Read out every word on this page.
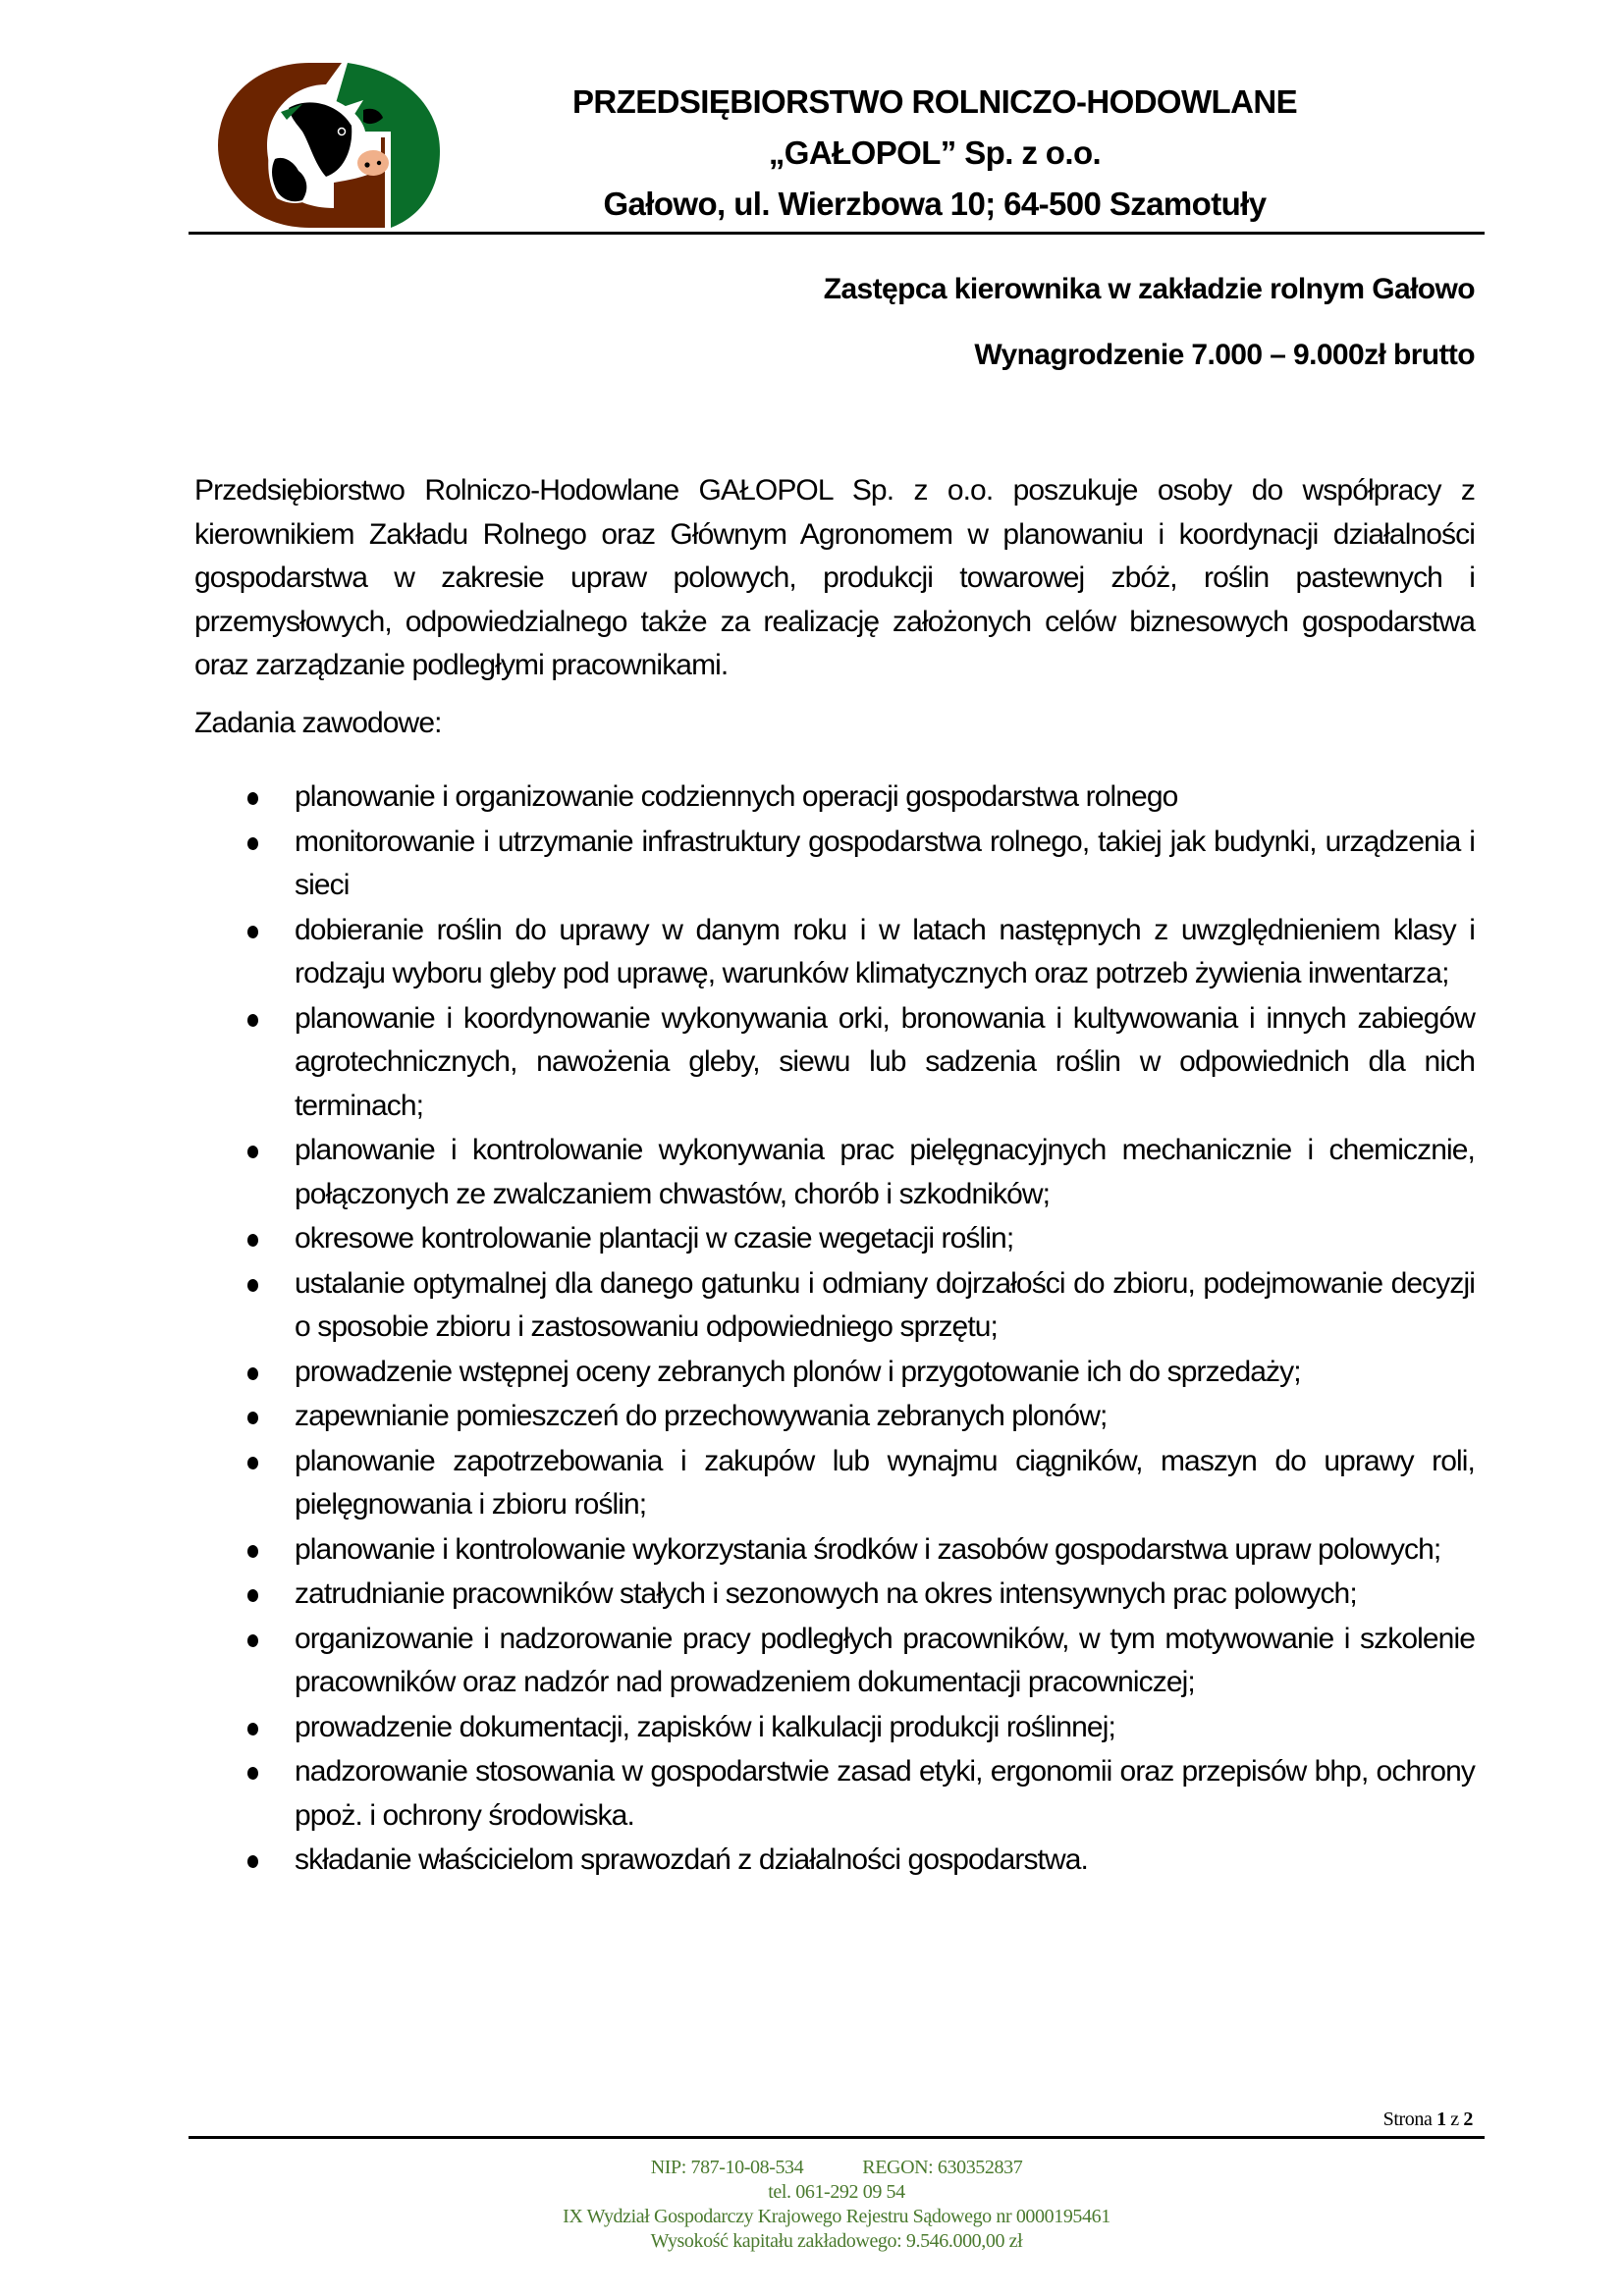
PRZEDSIĘBIORSTWO ROLNICZO-HODOWLANE
„GAŁOPOL” Sp. z o.o.
Gałowo, ul. Wierzbowa 10; 64-500 Szamotuły
Zastępca kierownika w zakładzie rolnym Gałowo
Wynagrodzenie 7.000 – 9.000zł brutto
Przedsiębiorstwo Rolniczo-Hodowlane GAŁOPOL Sp. z o.o. poszukuje osoby do współpracy z kierownikiem Zakładu Rolnego oraz Głównym Agronomem w planowaniu i koordynacji działalności gospodarstwa w zakresie upraw polowych, produkcji towarowej zbóż, roślin pastewnych i przemysłowych, odpowiedzialnego także za realizację założonych celów biznesowych gospodarstwa oraz zarządzanie podległymi pracownikami.
Zadania zawodowe:
planowanie i organizowanie codziennych operacji gospodarstwa rolnego
monitorowanie i utrzymanie infrastruktury gospodarstwa rolnego, takiej jak budynki, urządzenia i sieci
dobieranie roślin do uprawy w danym roku i w latach następnych z uwzględnieniem klasy i rodzaju wyboru gleby pod uprawę, warunków klimatycznych oraz potrzeb żywienia inwentarza;
planowanie i koordynowanie wykonywania orki, bronowania i kultywowania i innych zabiegów agrotechnicznych, nawożenia gleby, siewu lub sadzenia roślin w odpowiednich dla nich terminach;
planowanie i kontrolowanie wykonywania prac pielęgnacyjnych mechanicznie i chemicznie, połączonych ze zwalczaniem chwastów, chorób i szkodników;
okresowe kontrolowanie plantacji w czasie wegetacji roślin;
ustalanie optymalnej dla danego gatunku i odmiany dojrzałości do zbioru, podejmowanie decyzji o sposobie zbioru i zastosowaniu odpowiedniego sprzętu;
prowadzenie wstępnej oceny zebranych plonów i przygotowanie ich do sprzedaży;
zapewnianie pomieszczeń do przechowywania zebranych plonów;
planowanie zapotrzebowania i zakupów lub wynajmu ciągników, maszyn do uprawy roli, pielęgnowania i zbioru roślin;
planowanie i kontrolowanie wykorzystania środków i zasobów gospodarstwa upraw polowych;
zatrudnianie pracowników stałych i sezonowych na okres intensywnych prac polowych;
organizowanie i nadzorowanie pracy podległych pracowników, w tym motywowanie i szkolenie pracowników oraz nadzór nad prowadzeniem dokumentacji pracowniczej;
prowadzenie dokumentacji, zapisków i kalkulacji produkcji roślinnej;
nadzorowanie stosowania w gospodarstwie zasad etyki, ergonomii oraz przepisów bhp, ochrony ppoż. i ochrony środowiska.
składanie właścicielom sprawozdań z działalności gospodarstwa.
Strona 1 z 2
NIP: 787-10-08-534	REGON: 630352837
tel. 061-292 09 54
IX Wydział Gospodarczy Krajowego Rejestru Sądowego nr 0000195461
Wysokość kapitału zakładowego: 9.546.000,00 zł
